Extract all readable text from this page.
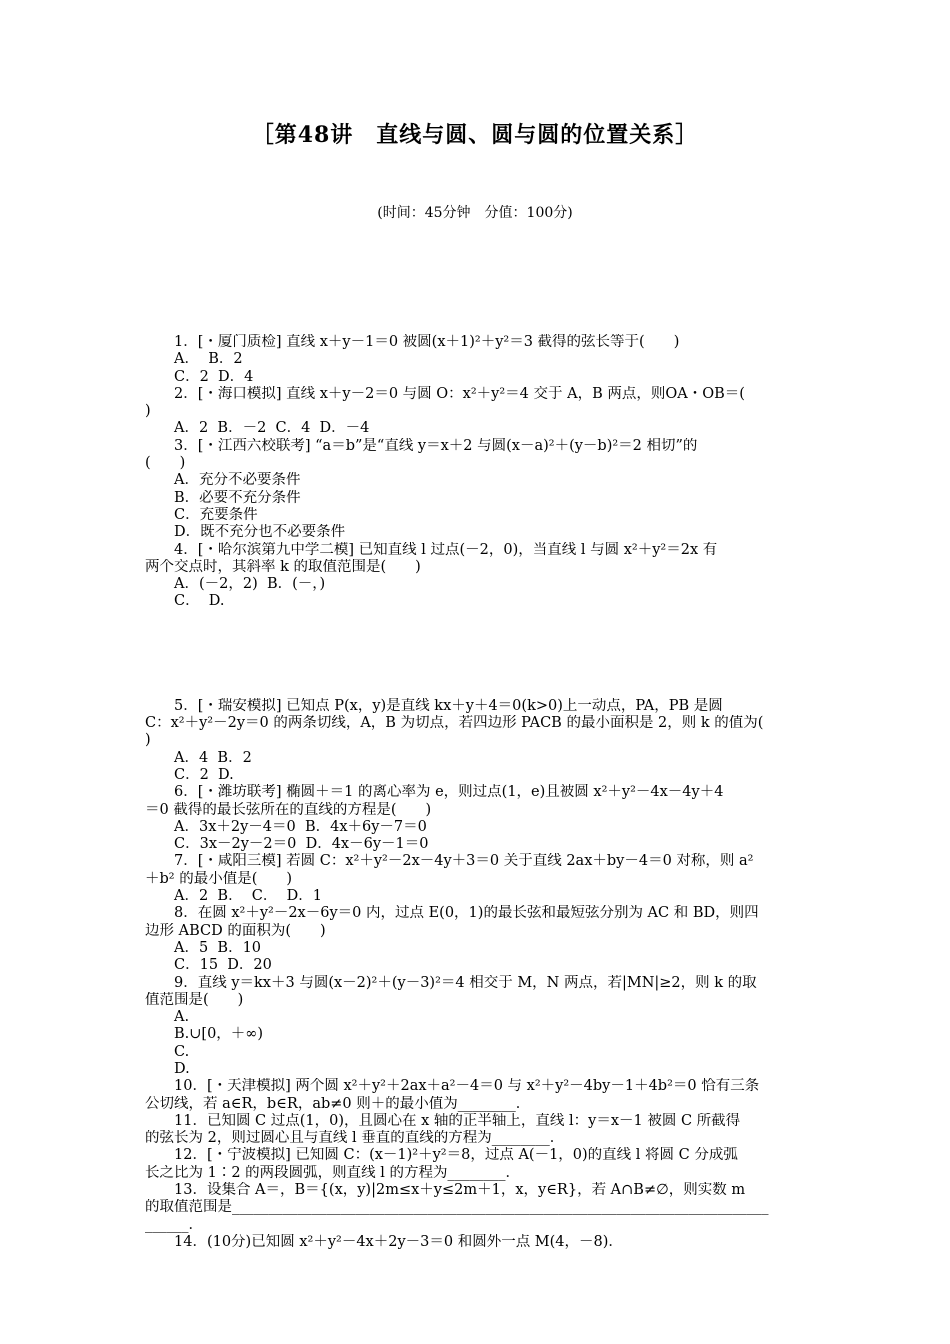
［第48讲　直线与圆、圆与圆的位置关系］
(时间：45分钟　分值：100分)
　　1．[・厦门质检] 直线 x＋y－1＝0 被圆(x＋1)²＋y²＝3 截得的弦长等于(　　)
　　A．  B．2
　　C．2  D．4
　　2．[・海口模拟] 直线 x＋y－2＝0 与圆 O：x²＋y²＝4 交于 A，B 两点，则OA・OB＝(
)
　　A．2  B．－2  C．4  D．－4
　　3．[・江西六校联考] “a＝b”是“直线 y＝x＋2 与圆(x－a)²＋(y－b)²＝2 相切”的
(　　)
　　A．充分不必要条件
　　B．必要不充分条件
　　C．充要条件
　　D．既不充分也不必要条件
　　4．[・哈尔滨第九中学二模] 已知直线 l 过点(－2，0)，当直线 l 与圆 x²＋y²＝2x 有
两个交点时，其斜率 k 的取值范围是(　　)
　　A．(－2，2)  B．(－，)
　　C．  D.
　　5．[・瑞安模拟] 已知点 P(x，y)是直线 kx＋y＋4＝0(k>0)上一动点，PA，PB 是圆
C：x²＋y²－2y＝0 的两条切线，A，B 为切点，若四边形 PACB 的最小面积是 2，则 k 的值为(
)
　　A．4  B．2
　　C．2  D.
　　6．[・潍坊联考] 椭圆＋＝1 的离心率为 e，则过点(1，e)且被圆 x²＋y²－4x－4y＋4
＝0 截得的最长弦所在的直线的方程是(　　)
　　A．3x＋2y－4＝0  B．4x＋6y－7＝0
　　C．3x－2y－2＝0  D．4x－6y－1＝0
　　7．[・咸阳三模] 若圆 C：x²＋y²－2x－4y＋3＝0 关于直线 2ax＋by－4＝0 对称，则 a²
＋b² 的最小值是(　　)
　　A．2  B．  C．  D．1
　　8．在圆 x²＋y²－2x－6y＝0 内，过点 E(0，1)的最长弦和最短弦分别为 AC 和 BD，则四
边形 ABCD 的面积为(　　)
　　A．5  B．10
　　C．15  D．20
　　9．直线 y＝kx＋3 与圆(x－2)²＋(y－3)²＝4 相交于 M，N 两点，若|MN|≥2，则 k 的取
值范围是(　　)
　　A.
　　B.∪[0，＋∞)
　　C.
　　D.
　　10．[・天津模拟] 两个圆 x²＋y²＋2ax＋a²－4＝0 与 x²＋y²－4by－1＋4b²＝0 恰有三条
公切线，若 a∈R，b∈R，ab≠0 则＋的最小值为________．
　　11．已知圆 C 过点(1，0)，且圆心在 x 轴的正半轴上，直线 l：y＝x－1 被圆 C 所截得
的弦长为 2，则过圆心且与直线 l 垂直的直线的方程为________．
　　12．[・宁波模拟] 已知圆 C：(x－1)²＋y²＝8，过点 A(－1，0)的直线 l 将圆 C 分成弧
长之比为 1∶2 的两段圆弧，则直线 l 的方程为________．
　　13．设集合 A＝，B＝{(x，y)|2m≤x＋y≤2m＋1，x，y∈R}，若 A∩B≠∅，则实数 m
的取值范围是__________________________________________________________________________
______．
　　14．(10分)已知圆 x²＋y²－4x＋2y－3＝0 和圆外一点 M(4，－8)．
